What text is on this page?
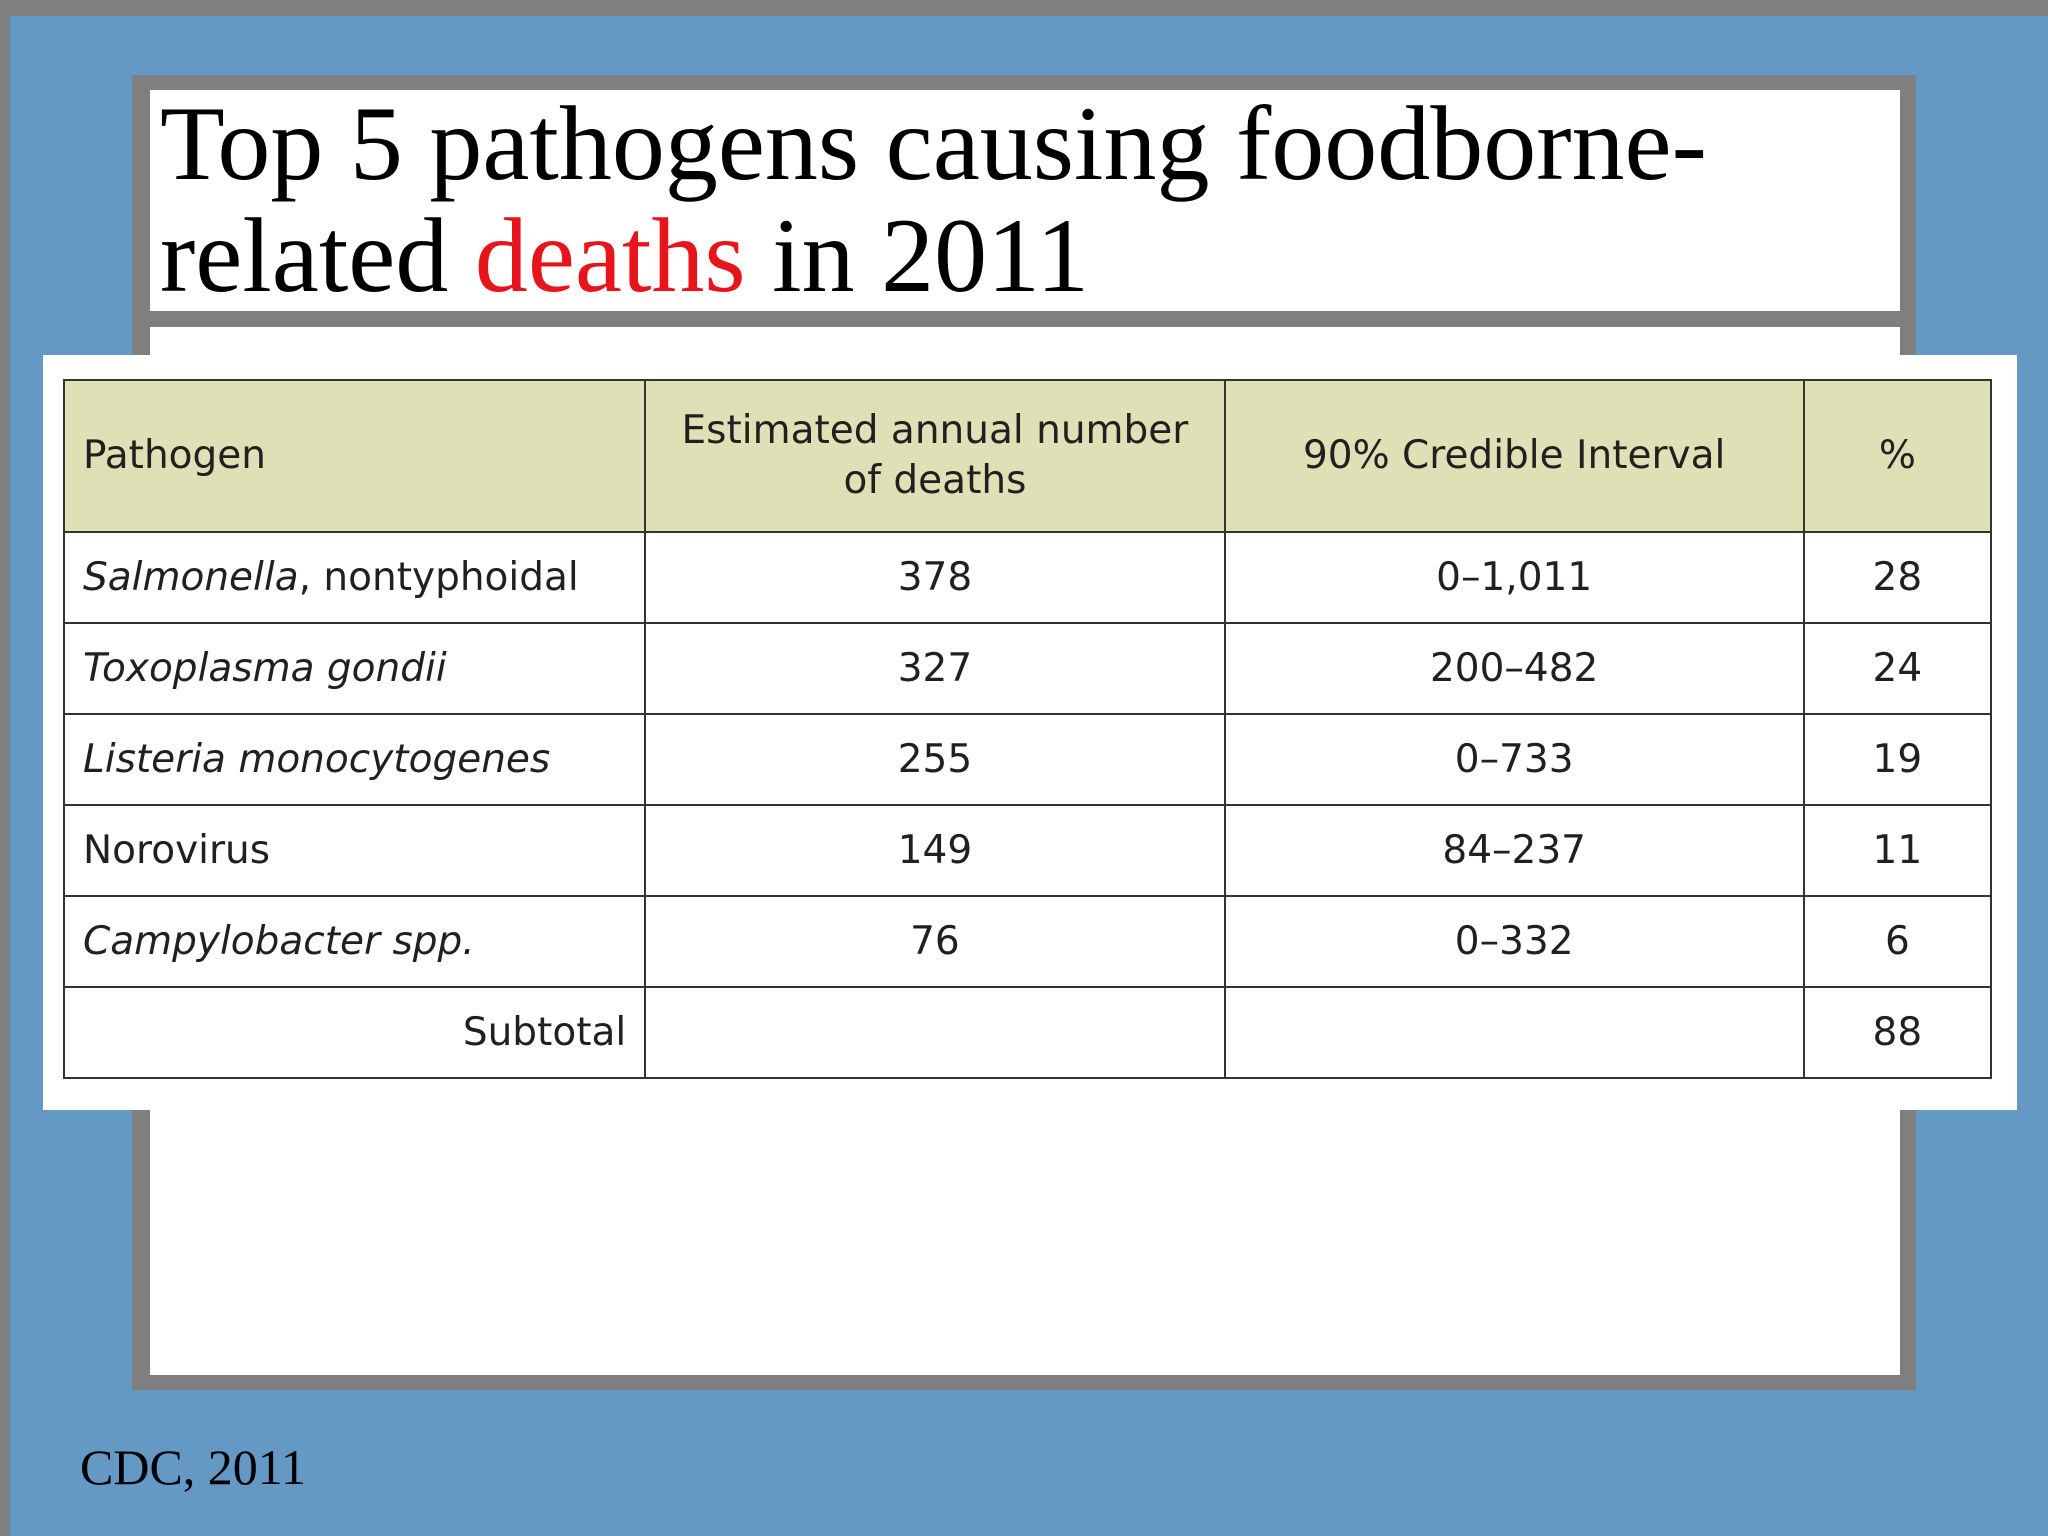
Top 5 pathogens causing foodborne-related deaths in 2011
Pathogen	Estimated annual number of deaths	90% Credible Interval	%
Salmonella, nontyphoidal	378	0–1,011	28
Toxoplasma gondii	327	200–482	24
Listeria monocytogenes	255	0–733	19
Norovirus	149	84–237	11
Campylobacter spp.	76	0–332	6
Subtotal			88
CDC, 2011
